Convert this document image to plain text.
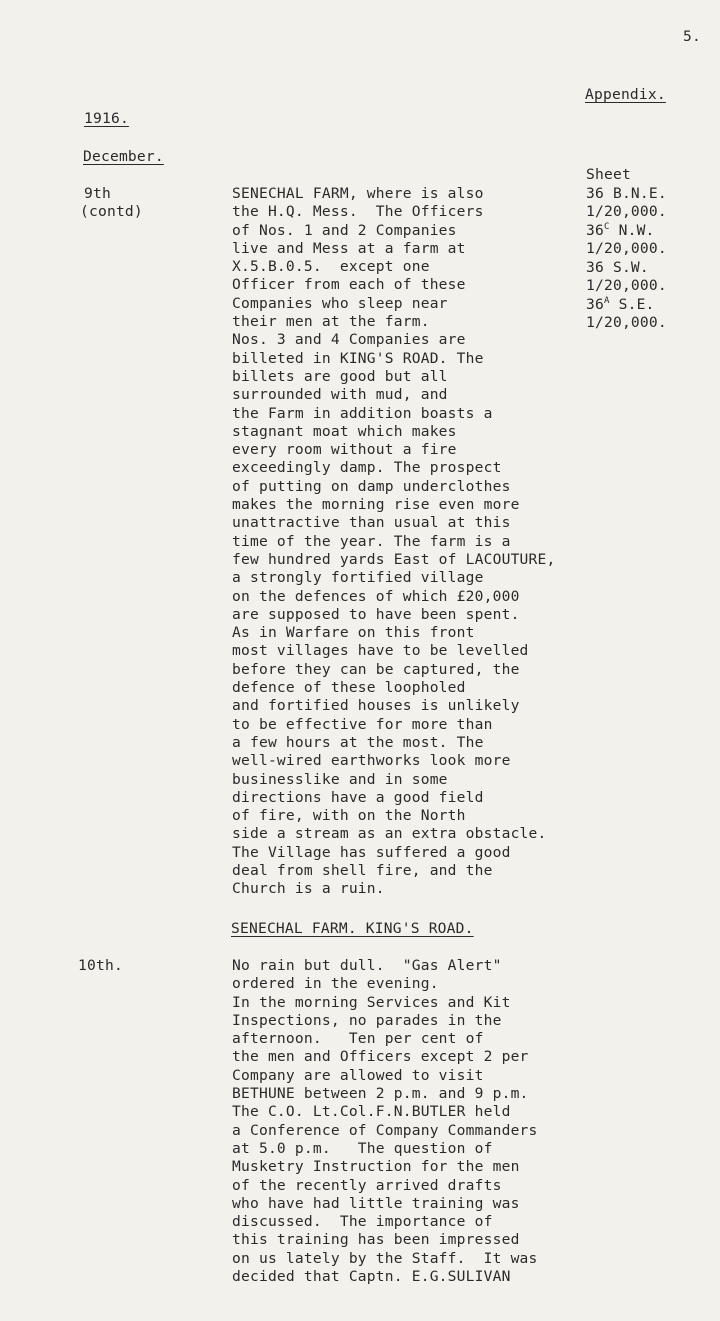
5.
Appendix.
1916.
December.
9th
(contd)
Sheet
36 B.N.E.
1/20,000.
$36^C$ N.W.
1/20,000.
36 S.W.
1/20,000.
$36^A$ S.E.
1/20,000.
SENECHAL FARM, where is also
the H.Q. Mess.  The Officers
of Nos. 1 and 2 Companies
live and Mess at a farm at
X.5.B.0.5.  except one
Officer from each of these
Companies who sleep near
their men at the farm.
Nos. 3 and 4 Companies are
billeted in KING'S ROAD. The
billets are good but all
surrounded with mud, and
the Farm in addition boasts a
stagnant moat which makes
every room without a fire
exceedingly damp. The prospect
of putting on damp underclothes
makes the morning rise even more
unattractive than usual at this
time of the year. The farm is a
few hundred yards East of LACOUTURE,
a strongly fortified village
on the defences of which £20,000
are supposed to have been spent.
As in Warfare on this front
most villages have to be levelled
before they can be captured, the
defence of these loopholed
and fortified houses is unlikely
to be effective for more than
a few hours at the most. The
well-wired earthworks look more
businesslike and in some
directions have a good field
of fire, with on the North
side a stream as an extra obstacle.
The Village has suffered a good
deal from shell fire, and the
Church is a ruin.
SENECHAL FARM. KING'S ROAD.
10th.	No rain but dull.  "Gas Alert"
ordered in the evening.
In the morning Services and Kit
Inspections, no parades in the
afternoon.   Ten per cent of
the men and Officers except 2 per
Company are allowed to visit
BETHUNE between 2 p.m. and 9 p.m.
The C.O. Lt.Col.F.N.BUTLER held
a Conference of Company Commanders
at 5.0 p.m.   The question of
Musketry Instruction for the men
of the recently arrived drafts
who have had little training was
discussed.  The importance of
this training has been impressed
on us lately by the Staff.  It was
decided that Captn. E.G.SULIVAN
